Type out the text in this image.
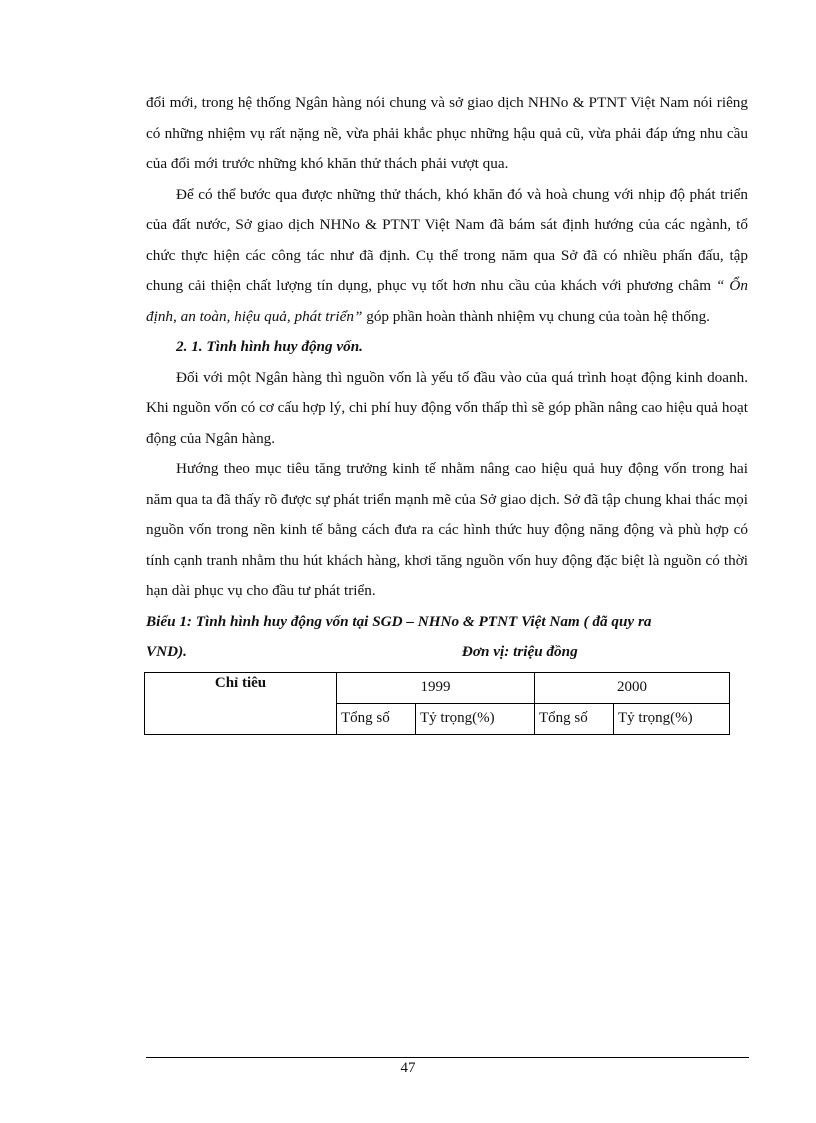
đổi mới, trong hệ thống Ngân hàng nói chung và sở giao dịch NHNo & PTNT Việt Nam nói riêng có những nhiệm vụ rất nặng nề, vừa phải khắc phục những hậu quả cũ, vừa phải đáp ứng nhu cầu của đổi mới trước những khó khăn thử thách phải vượt qua.

Để có thể bước qua được những thử thách, khó khăn đó và hoà chung với nhịp độ phát triển của đất nước, Sở giao dịch NHNo & PTNT Việt Nam đã bám sát định hướng của các ngành, tổ chức thực hiện các công tác như đã định. Cụ thể trong năm qua Sở đã có nhiều phấn đấu, tập chung cải thiện chất lượng tín dụng, phục vụ tốt hơn nhu cầu của khách với phương châm “ Ổn định, an toàn, hiệu quả, phát triển” góp phần hoàn thành nhiệm vụ chung của toàn hệ thống.

2. 1. Tình hình huy động vốn.

Đối với một Ngân hàng thì nguồn vốn là yếu tố đầu vào của quá trình hoạt động kinh doanh. Khi nguồn vốn có cơ cấu hợp lý, chi phí huy động vốn thấp thì sẽ góp phần nâng cao hiệu quả hoạt động của Ngân hàng.

Hướng theo mục tiêu tăng trưởng kinh tế nhằm nâng cao hiệu quả huy động vốn trong hai năm qua ta đã thấy rõ được sự phát triển mạnh mẽ của Sở giao dịch. Sở đã tập chung khai thác mọi nguồn vốn trong nền kinh tế bằng cách đưa ra các hình thức huy động năng động và phù hợp có tính cạnh tranh nhằm thu hút khách hàng, khơi tăng nguồn vốn huy động đặc biệt là nguồn có thời hạn dài phục vụ cho đầu tư phát triển.

Biểu 1: Tình hình huy động vốn tại SGD – NHNo & PTNT Việt Nam ( đã quy ra

VND).	Đơn vị: triệu đồng
Chỉ tiêu	1999		2000	
	Tổng số	Tỷ trọng(%)	Tổng số	Tỷ trọng(%)
47
